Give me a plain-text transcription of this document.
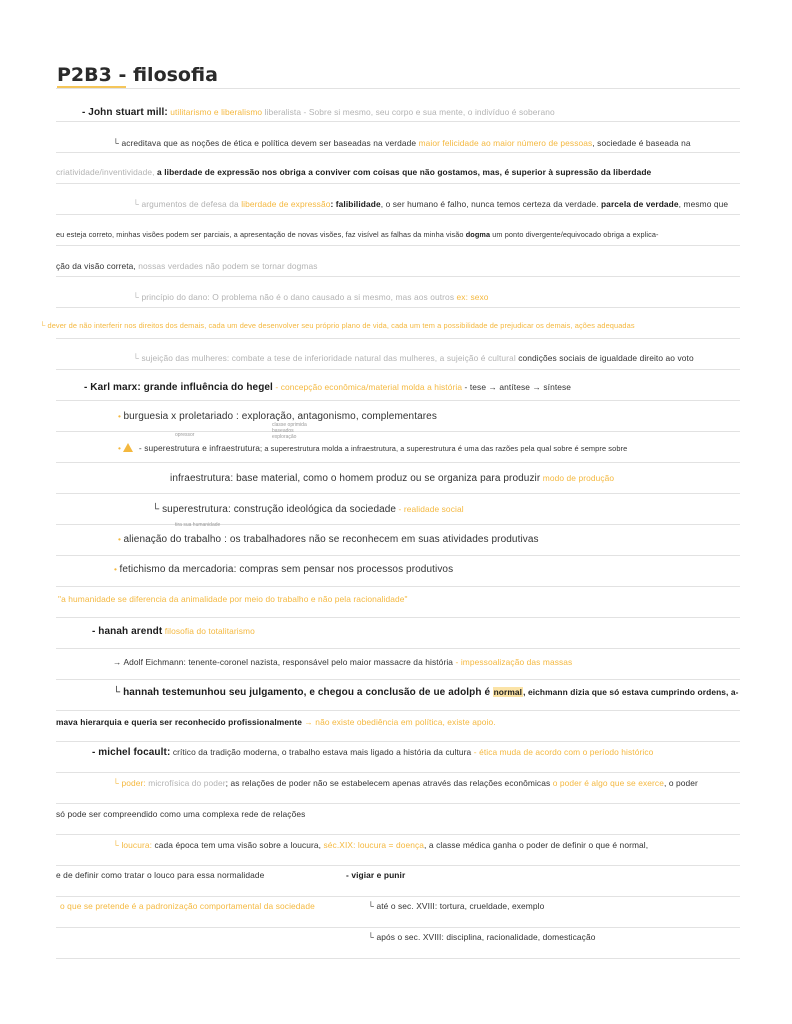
P2B3 - filosofia
- John stuart mill: utilitarismo e liberalismo liberalista - Sobre si mesmo, seu corpo e sua mente, o indivíduo é soberano
└ acreditava que as noções de ética e política devem ser baseadas na verdade maior felicidade ao maior número de pessoas, sociedade é baseada na
criatividade/inventividade, a liberdade de expressão nos obriga a conviver com coisas que não gostamos, mas, é superior à supressão da liberdade
└ argumentos de defesa da liberdade de expressão: falibilidade, o ser humano é falho, nunca temos certeza da verdade. parcela de verdade, mesmo que
eu esteja correto, minhas visões podem ser parciais, a apresentação de novas visões, faz visível as falhas da minha visão dogma um ponto divergente/equivocado obriga a explica-
ção da visão correta, nossas verdades não podem se tornar dogmas
└ princípio do dano: O problema não é o dano causado a si mesmo, mas aos outros ex: sexo
└ dever de não interferir nos direitos dos demais, cada um deve desenvolver seu próprio plano de vida, cada um tem a possibilidade de prejudicar os demais, ações adequadas
└ sujeição das mulheres: combate a tese de inferioridade natural das mulheres, a sujeição é cultural condições sociais de igualdade direito ao voto
- Karl marx: grande influência do hegel - concepção econômica/material molda a história - tese → antítese → síntese
• burguesia x proletariado : exploração, antagonismo, complementares
opressor
classe oprimida
baseados
exploração
• - superestrutura e infraestrutura; a superestrutura molda a infraestrutura, a superestrutura é uma das razões pela qual sobre é sempre sobre
infraestrutura: base material, como o homem produz ou se organiza para produzir modo de produção
└ superestrutura: construção ideológica da sociedade - realidade social
tira sua humanidade
• alienação do trabalho : os trabalhadores não se reconhecem em suas atividades produtivas
• fetichismo da mercadoria: compras sem pensar nos processos produtivos
"a humanidade se diferencia da animalidade por meio do trabalho e não pela racionalidade"
- hanah arendt filosofia do totalitarismo
→ Adolf Eichmann: tenente-coronel nazista, responsável pelo maior massacre da história - impessoalização das massas
└ hannah testemunhou seu julgamento, e chegou a conclusão de ue adolph é normal, eichmann dizia que só estava cumprindo ordens, a-
mava hierarquia e queria ser reconhecido profissionalmente → não existe obediência em política, existe apoio.
- michel focault: crítico da tradição moderna, o trabalho estava mais ligado a história da cultura - ética muda de acordo com o período histórico
└ poder: microfísica do poder; as relações de poder não se estabelecem apenas através das relações econômicas o poder é algo que se exerce, o poder
só pode ser compreendido como uma complexa rede de relações
└ loucura: cada época tem uma visão sobre a loucura, séc.XIX: loucura = doença, a classe médica ganha o poder de definir o que é normal,
e de definir como tratar o louco para essa normalidade	- vigiar e punir
o que se pretende é a padronização comportamental da sociedade	└ até o sec. XVIII: tortura, crueldade, exemplo
└ após o sec. XVIII: disciplina, racionalidade, domesticação
